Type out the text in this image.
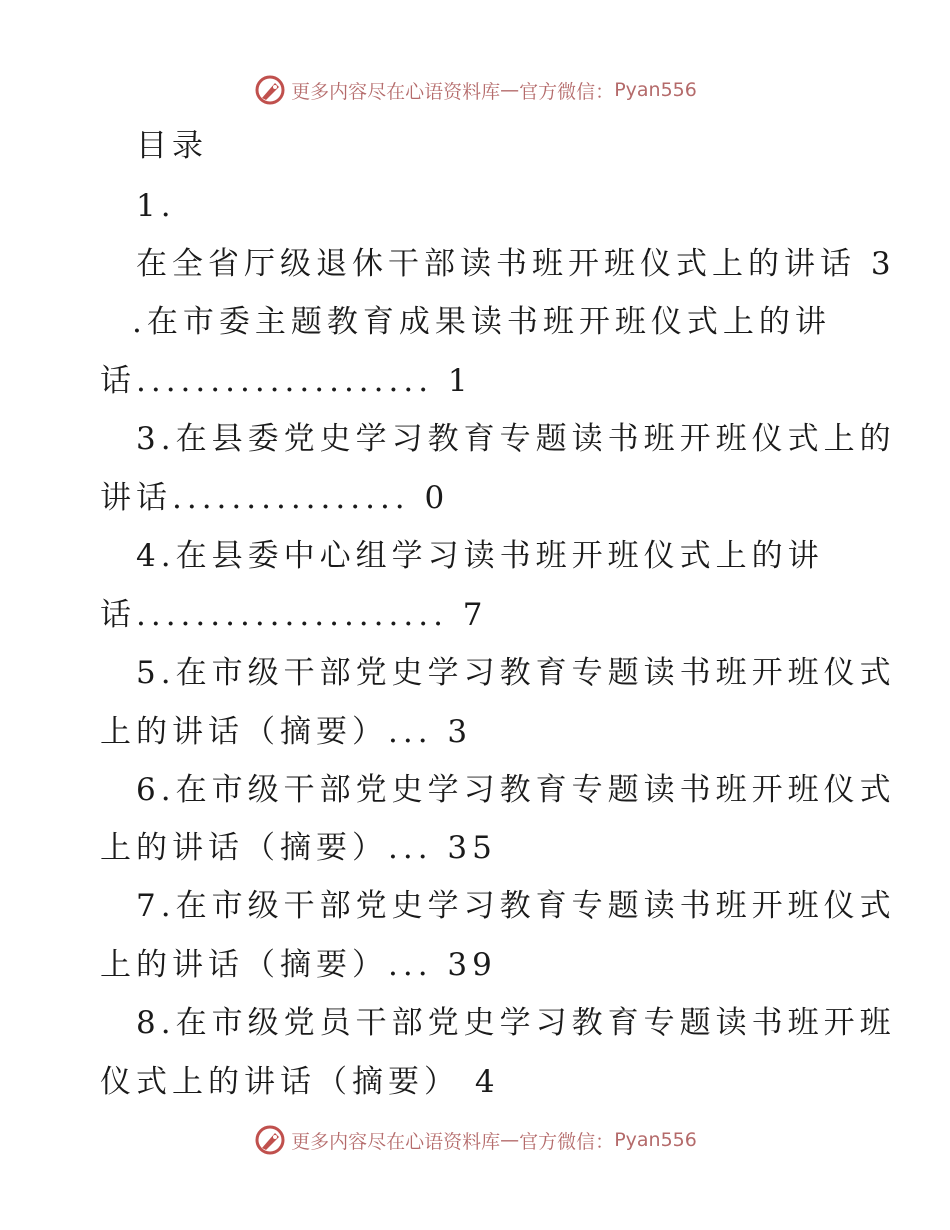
更多内容尽在心语资料库 — 官方微信： Pyan556
目录
1.
在全省厅级退休干部读书班开班仪式上的讲话 3
.在市委主题教育成果读书班开班仪式上的讲
话.................... 1
3.在县委党史学习教育专题读书班开班仪式上的
讲话................ 0
4.在县委中心组学习读书班开班仪式上的讲
话..................... 7
5.在市级干部党史学习教育专题读书班开班仪式
上的讲话（摘要）... 3
6.在市级干部党史学习教育专题读书班开班仪式
上的讲话（摘要）... 35
7.在市级干部党史学习教育专题读书班开班仪式
上的讲话（摘要）... 39
8.在市级党员干部党史学习教育专题读书班开班
仪式上的讲话（摘要） 4
更多内容尽在心语资料库 — 官方微信： Pyan556
